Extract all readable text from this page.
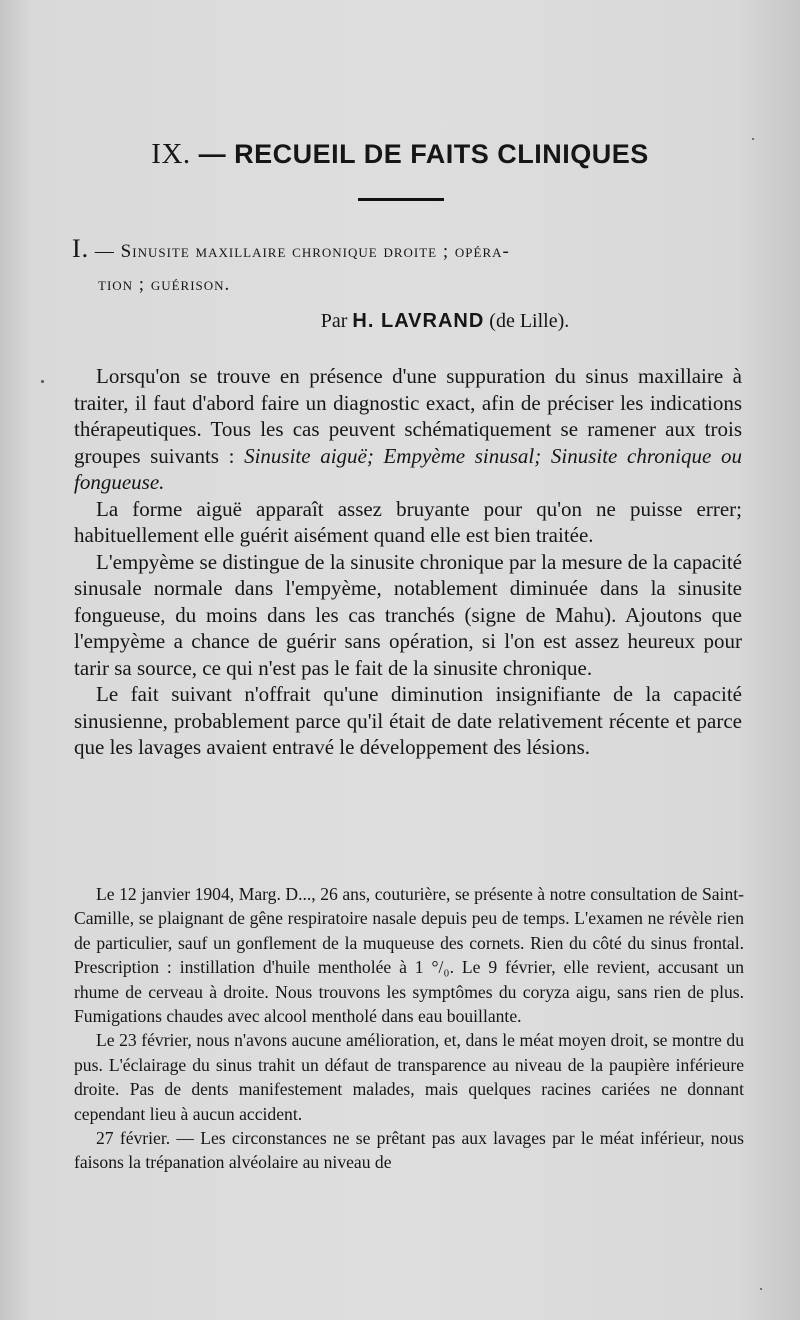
IX. — RECUEIL DE FAITS CLINIQUES
I. — Sinusite maxillaire chronique droite ; opéra-
tion ; guérison.
Par H. LAVRAND (de Lille).

Lorsqu'on se trouve en présence d'une suppuration du sinus maxillaire à traiter, il faut d'abord faire un diagnostic exact, afin de préciser les indications thérapeutiques. Tous les cas peuvent schématiquement se ramener aux trois groupes suivants : Sinusite aiguë; Empyème sinusal; Sinusite chronique ou fongueuse.

La forme aiguë apparaît assez bruyante pour qu'on ne puisse errer; habituellement elle guérit aisément quand elle est bien traitée.

L'empyème se distingue de la sinusite chronique par la mesure de la capacité sinusale normale dans l'empyème, notablement diminuée dans la sinusite fongueuse, du moins dans les cas tranchés (signe de Mahu). Ajoutons que l'empyème a chance de guérir sans opération, si l'on est assez heureux pour tarir sa source, ce qui n'est pas le fait de la sinusite chronique.

Le fait suivant n'offrait qu'une diminution insignifiante de la capacité sinusienne, probablement parce qu'il était de date relativement récente et parce que les lavages avaient entravé le développement des lésions.

Le 12 janvier 1904, Marg. D..., 26 ans, couturière, se présente à notre consultation de Saint-Camille, se plaignant de gêne respiratoire nasale depuis peu de temps. L'examen ne révèle rien de particulier, sauf un gonflement de la muqueuse des cornets. Rien du côté du sinus frontal. Prescription : instillation d'huile mentholée à 1 °/₀. Le 9 février, elle revient, accusant un rhume de cerveau à droite. Nous trouvons les symptômes du coryza aigu, sans rien de plus. Fumigations chaudes avec alcool mentholé dans eau bouillante.

Le 23 février, nous n'avons aucune amélioration, et, dans le méat moyen droit, se montre du pus. L'éclairage du sinus trahit un défaut de transparence au niveau de la paupière inférieure droite. Pas de dents manifestement malades, mais quelques racines cariées ne donnant cependant lieu à aucun accident.

27 février. — Les circonstances ne se prêtant pas aux lavages par le méat inférieur, nous faisons la trépanation alvéolaire au niveau de
